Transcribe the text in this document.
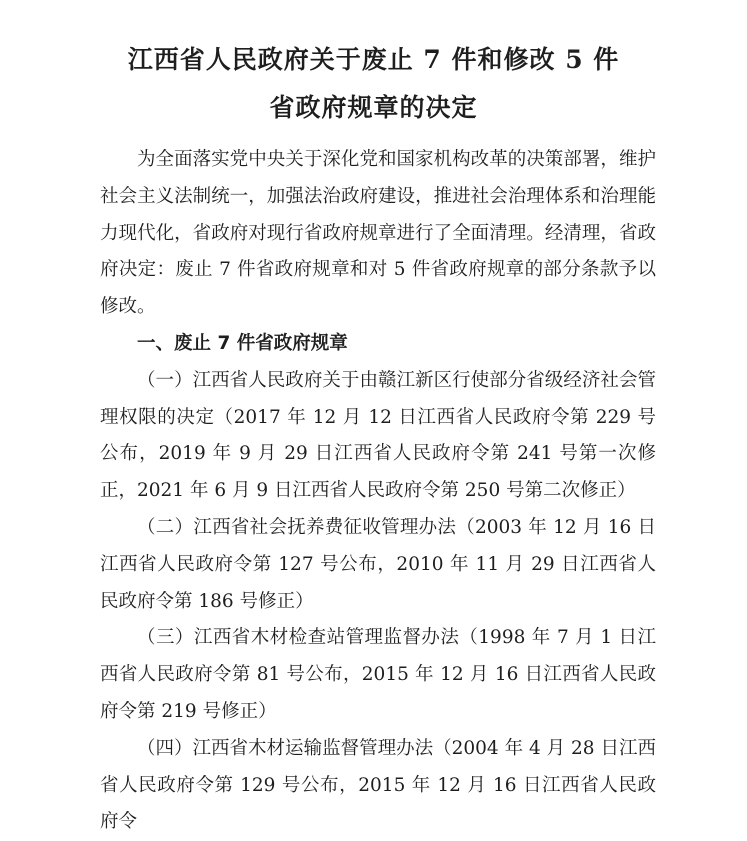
江西省人民政府关于废止 7 件和修改 5 件
省政府规章的决定

为全面落实党中央关于深化党和国家机构改革的决策部署，维护社会主义法制统一，加强法治政府建设，推进社会治理体系和治理能力现代化，省政府对现行省政府规章进行了全面清理。经清理，省政府决定：废止 7 件省政府规章和对 5 件省政府规章的部分条款予以修改。

一、废止 7 件省政府规章

（一）江西省人民政府关于由赣江新区行使部分省级经济社会管理权限的决定（2017 年 12 月 12 日江西省人民政府令第 229 号公布，2019 年 9 月 29 日江西省人民政府令第 241 号第一次修正，2021 年 6 月 9 日江西省人民政府令第 250 号第二次修正）

（二）江西省社会抚养费征收管理办法（2003 年 12 月 16 日江西省人民政府令第 127 号公布，2010 年 11 月 29 日江西省人民政府令第 186 号修正）

（三）江西省木材检查站管理监督办法（1998 年 7 月 1 日江西省人民政府令第 81 号公布，2015 年 12 月 16 日江西省人民政府令第 219 号修正）

（四）江西省木材运输监督管理办法（2004 年 4 月 28 日江西省人民政府令第 129 号公布，2015 年 12 月 16 日江西省人民政府令
